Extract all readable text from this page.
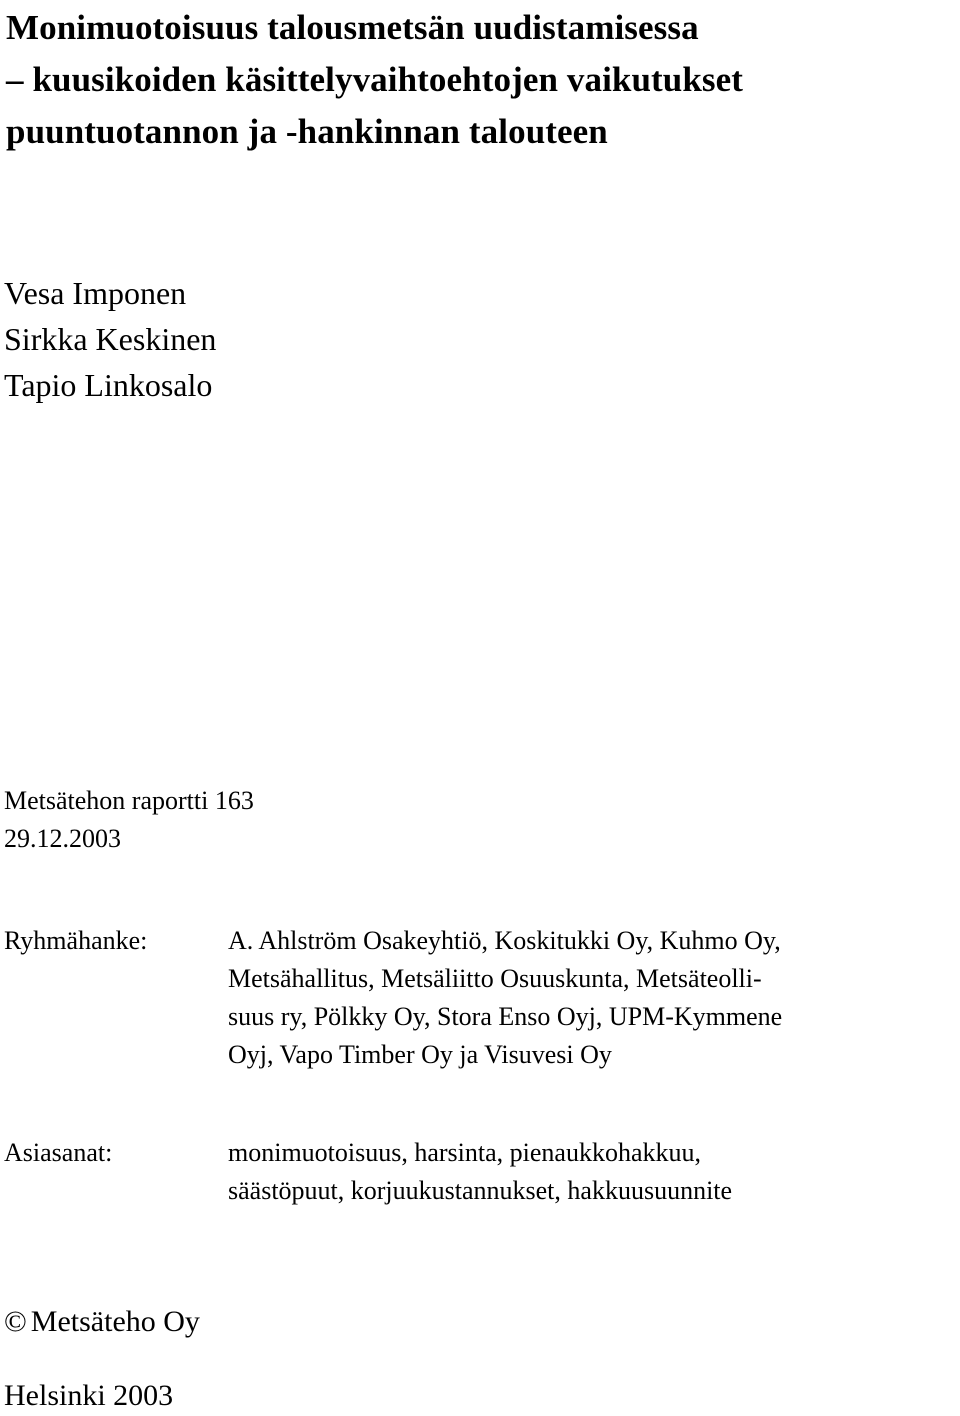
Monimuotoisuus talousmetsän uudistamisessa
– kuusikoiden käsittelyvaihtoehtojen vaikutukset
puuntuotannon ja -hankinnan talouteen
Vesa Imponen
Sirkka Keskinen
Tapio Linkosalo
Metsätehon raportti 163
29.12.2003
Ryhmähanke:	A. Ahlström Osakeyhtiö, Koskitukki Oy, Kuhmo Oy,
Metsähallitus, Metsäliitto Osuuskunta, Metsäteolli-
suus ry, Pölkky Oy, Stora Enso Oyj, UPM-Kymmene
Oyj, Vapo Timber Oy ja Visuvesi Oy
Asiasanat:	monimuotoisuus, harsinta, pienaukkohakkuu,
säästöpuut, korjuukustannukset, hakkuusuunnite
© Metsäteho Oy
Helsinki 2003
